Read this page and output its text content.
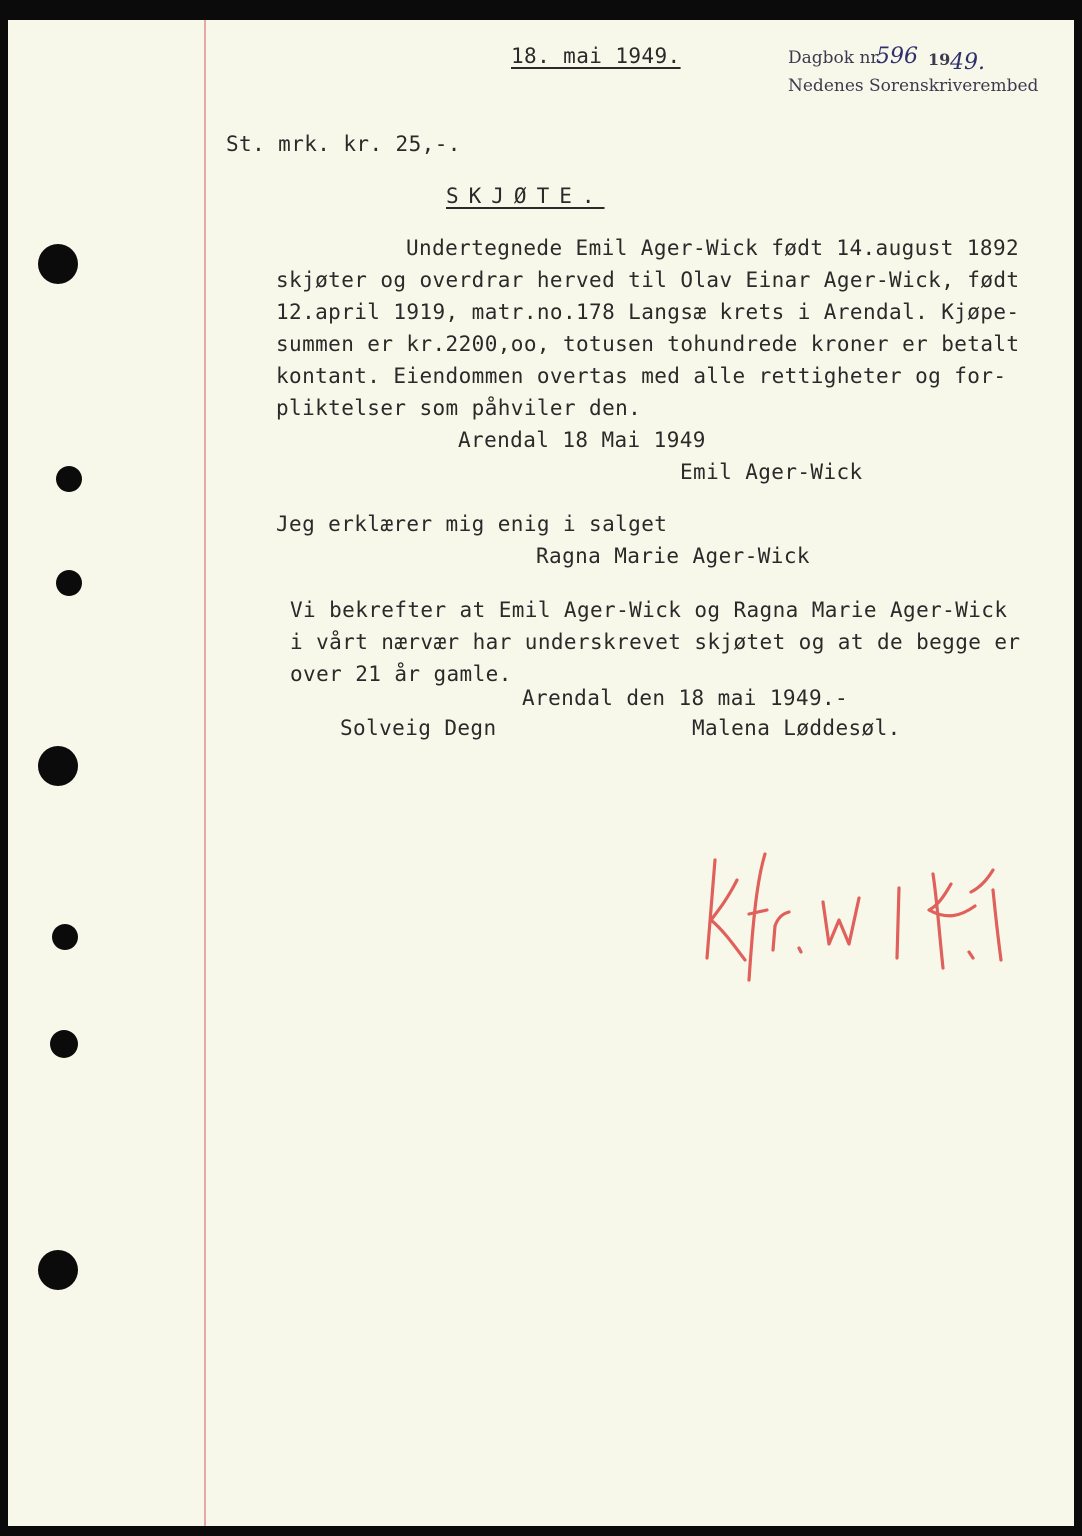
18. mai 1949.	Dagbok nr.
596 19 49.
Nedenes Sorenskriverembed
St. mrk. kr. 25,-.
SKJØTE.
Undertegnede Emil Ager-Wick født 14.august 1892
skjøter og overdrar herved til Olav Einar Ager-Wick, født
12.april 1919, matr.no.178 Langsæ krets i Arendal. Kjøpe-
summen er kr.2200,oo, totusen tohundrede kroner er betalt
kontant. Eiendommen overtas med alle rettigheter og for-
pliktelser som påhviler den.
Arendal 18 Mai 1949
Emil Ager-Wick
Jeg erklærer mig enig i salget
Ragna Marie Ager-Wick
Vi bekrefter at Emil Ager-Wick og Ragna Marie Ager-Wick
i vårt nærvær har underskrevet skjøtet og at de begge er
over 21 år gamle.
Arendal den 18 mai 1949.-
Solveig Degn	Malena Løddesøl.
